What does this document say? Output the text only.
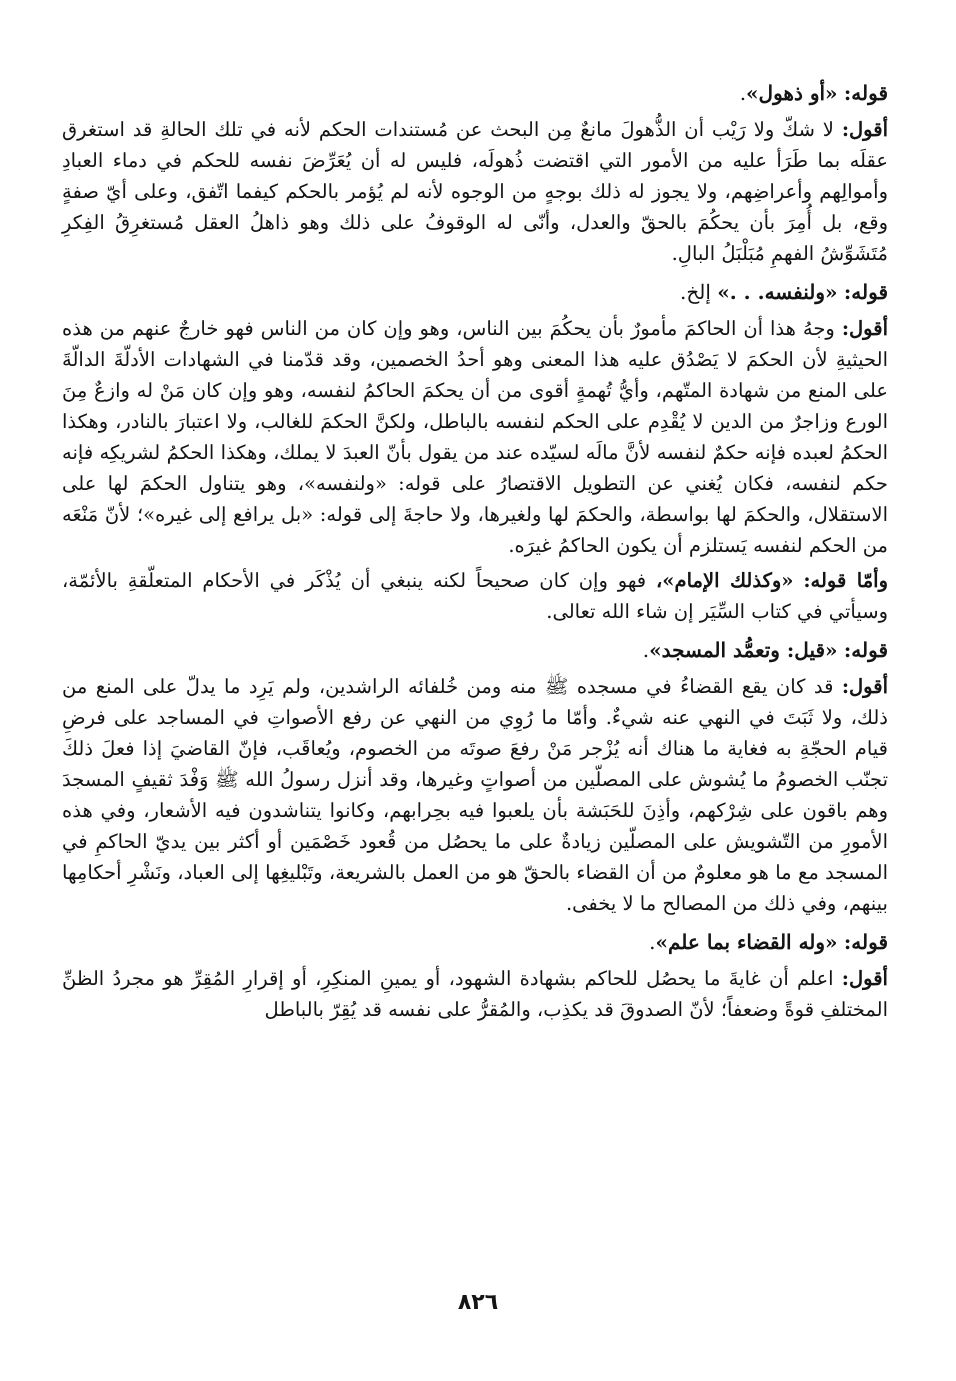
قوله: «أو ذهول».

أقول: لا شكّ ولا رَيْب أن الذُّهولَ مانعٌ مِن البحث عن مُستندات الحكم لأنه في تلك الحالةِ قد استغرق عقلَه بما طَرَأ عليه من الأمور التي اقتضت ذُهولَه، فليس له أن يُعَرِّضَ نفسه للحكم في دماء العبادِ وأموالِهم وأعراضِهم، ولا يجوز له ذلك بوجهٍ من الوجوه لأنه لم يُؤمر بالحكم كيفما اتّفق، وعلى أيّ صفةٍ وقع، بل أُمِرَ بأن يحكُمَ بالحقّ والعدل، وأنّى له الوقوفُ على ذلك وهو ذاهلُ العقل مُستغرِقُ الفِكرِ مُتَشَوِّشُ الفهمِ مُبَلْبَلُ البالِ.

قوله: «ولنفسه. . .» إلخ.

أقول: وجهُ هذا أن الحاكمَ مأمورٌ بأن يحكُمَ بين الناس، وهو وإن كان من الناس فهو خارجٌ عنهم من هذه الحيثيةِ لأن الحكمَ لا يَصْدُق عليه هذا المعنى وهو أحدُ الخصمين، وقد قدّمنا في الشهادات الأدلّةَ الدالّةَ على المنع من شهادة المتّهم، وأيُّ تُهمةٍ أقوى من أن يحكمَ الحاكمُ لنفسه، وهو وإن كان مَنْ له وازعٌ مِنَ الورع وزاجرٌ من الدين لا يُقْدِم على الحكم لنفسه بالباطل، ولكنَّ الحكمَ للغالب، ولا اعتبارَ بالنادر، وهكذا الحكمُ لعبده فإنه حكمٌ لنفسه لأنَّ مالَه لسيّده عند من يقول بأنّ العبدَ لا يملك، وهكذا الحكمُ لشريكِه فإنه حكم لنفسه، فكان يُغني عن التطويل الاقتصارُ على قوله: «ولنفسه»، وهو يتناول الحكمَ لها على الاستقلال، والحكمَ لها بواسطة، والحكمَ لها ولغيرها، ولا حاجةَ إلى قوله: «بل يرافع إلى غيره»؛ لأنّ مَنْعَه من الحكم لنفسه يَستلزم أن يكون الحاكمُ غيرَه.

وأمّا قوله: «وكذلك الإمام»، فهو وإن كان صحيحاً لكنه ينبغي أن يُذْكَر في الأحكام المتعلّقةِ بالأئمّة، وسيأتي في كتاب السِّيَر إن شاء الله تعالى.

قوله: «قيل: وتعمُّد المسجد».

أقول: قد كان يقع القضاءُ في مسجده ﷺ منه ومن خُلفائه الراشدين، ولم يَرِد ما يدلّ على المنع من ذلك، ولا ثَبَتَ في النهي عنه شيءٌ. وأمّا ما رُوِي من النهي عن رفع الأصواتِ في المساجد على فرضِ قيام الحجّةِ به فغاية ما هناك أنه يُزْجر مَنْ رفعَ صوتَه من الخصوم، ويُعاقَب، فإنّ القاضيَ إذا فعلَ ذلكَ تجنّب الخصومُ ما يُشوش على المصلّين من أصواتٍ وغيرها، وقد أنزل رسولُ الله ﷺ وَفْدَ ثقيفٍ المسجدَ وهم باقون على شِرْكهم، وأذِنَ للحَبَشة بأن يلعبوا فيه بحِرابهم، وكانوا يتناشدون فيه الأشعار، وفي هذه الأمورِ من التّشويش على المصلّين زيادةٌ على ما يحصُل من قُعود خَصْمَين أو أكثر بين يديّ الحاكمِ في المسجد مع ما هو معلومٌ من أن القضاء بالحقّ هو من العمل بالشريعة، وتَبْليغِها إلى العباد، ونَشْرِ أحكامِها بينهم، وفي ذلك من المصالح ما لا يخفى.

قوله: «وله القضاء بما علم».

أقول: اعلم أن غايةَ ما يحصُل للحاكم بشهادة الشهود، أو يمينِ المنكِرِ، أو إقرارِ المُقِرِّ هو مجردُ الظنِّ المختلفِ قوةً وضعفاً؛ لأنّ الصدوقَ قد يكذِب، والمُقرُّ على نفسه قد يُقِرّ بالباطل

٨٢٦
